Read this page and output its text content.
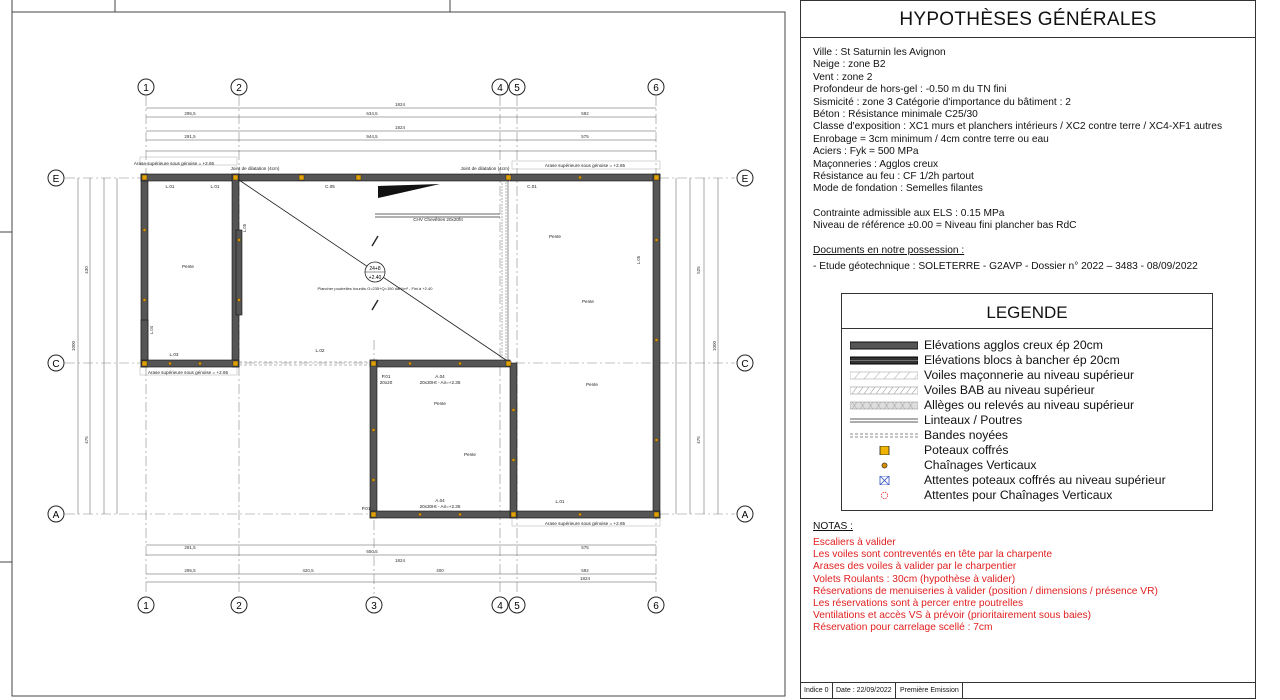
1	2	4 5	6
1	2	3	4 5	6
E
C
A
E
C
A
1824
295,5	634,5	592
1824
291,5	944,5	575
291,5
650,5
575
1824
295,5	420,5	400	592
1824
1000
430
475
1000
525
475
24+8
+2.40
L.01	L.01	C.05	C.01
L.02
L.03
A.04
20x30Ht - Air=+2.35
A.04
20x30Ht - Air=+2.35
L.01
P.01
20x20
P.01
CHV Chevêtres 20x20ht
Joint de dilatation (4cm)	Joint de dilatation (4cm)
Arase supérieure sous génoise = +2.65	Arase supérieure sous génoise = +2.65
Arase supérieure sous génoise = +2.65
Arase supérieure sous génoise = +2.65
Plancher poutrelles hourdis G=235+Q=150 daN/m² - Fini à +2.40
Pente
Pente
Pente
Pente
Pente
Pente
L.04
L.05
L.05
HYPOTHÈSES GÉNÉRALES
Ville : St Saturnin les Avignon
Neige : zone B2
Vent : zone 2
Profondeur de hors-gel : -0.50 m du TN fini
Sismicité : zone 3 Catégorie d'importance du bâtiment : 2
Béton : Résistance minimale C25/30
Classe d'exposition : XC1 murs et planchers intérieurs / XC2 contre terre / XC4-XF1 autres
Enrobage = 3cm minimum / 4cm contre terre ou eau
Aciers : Fyk = 500 MPa
Maçonneries : Agglos creux
Résistance au feu : CF 1/2h partout
Mode de fondation : Semelles filantes
Contrainte admissible aux ELS : 0.15 MPa
Niveau de référence ±0.00 = Niveau fini plancher bas RdC
Documents en notre possession :
- Etude géotechnique : SOLETERRE - G2AVP - Dossier n° 2022 – 3483 - 08/09/2022
LEGENDE
Elévations agglos creux ép 20cm
Elévations blocs à bancher ép 20cm
Voiles maçonnerie au niveau supérieur
Voiles BAB au niveau supérieur
Allèges ou relevés au niveau supérieur
Linteaux / Poutres
Bandes noyées
Poteaux coffrés
Chaînages Verticaux
Attentes poteaux coffrés au niveau supérieur
Attentes pour Chaînages Verticaux
NOTAS :
Escaliers à valider
Les voiles sont contreventés en tête par la charpente
Arases des voiles à valider par le charpentier
Volets Roulants : 30cm (hypothèse à valider)
Réservations de menuiseries à valider (position / dimensions / présence VR)
Les réservations sont à percer entre poutrelles
Ventilations et accès VS à prévoir (prioritairement sous baies)
Réservation pour carrelage scellé : 7cm
Indice 0	Date : 22/09/2022	Première Emission
